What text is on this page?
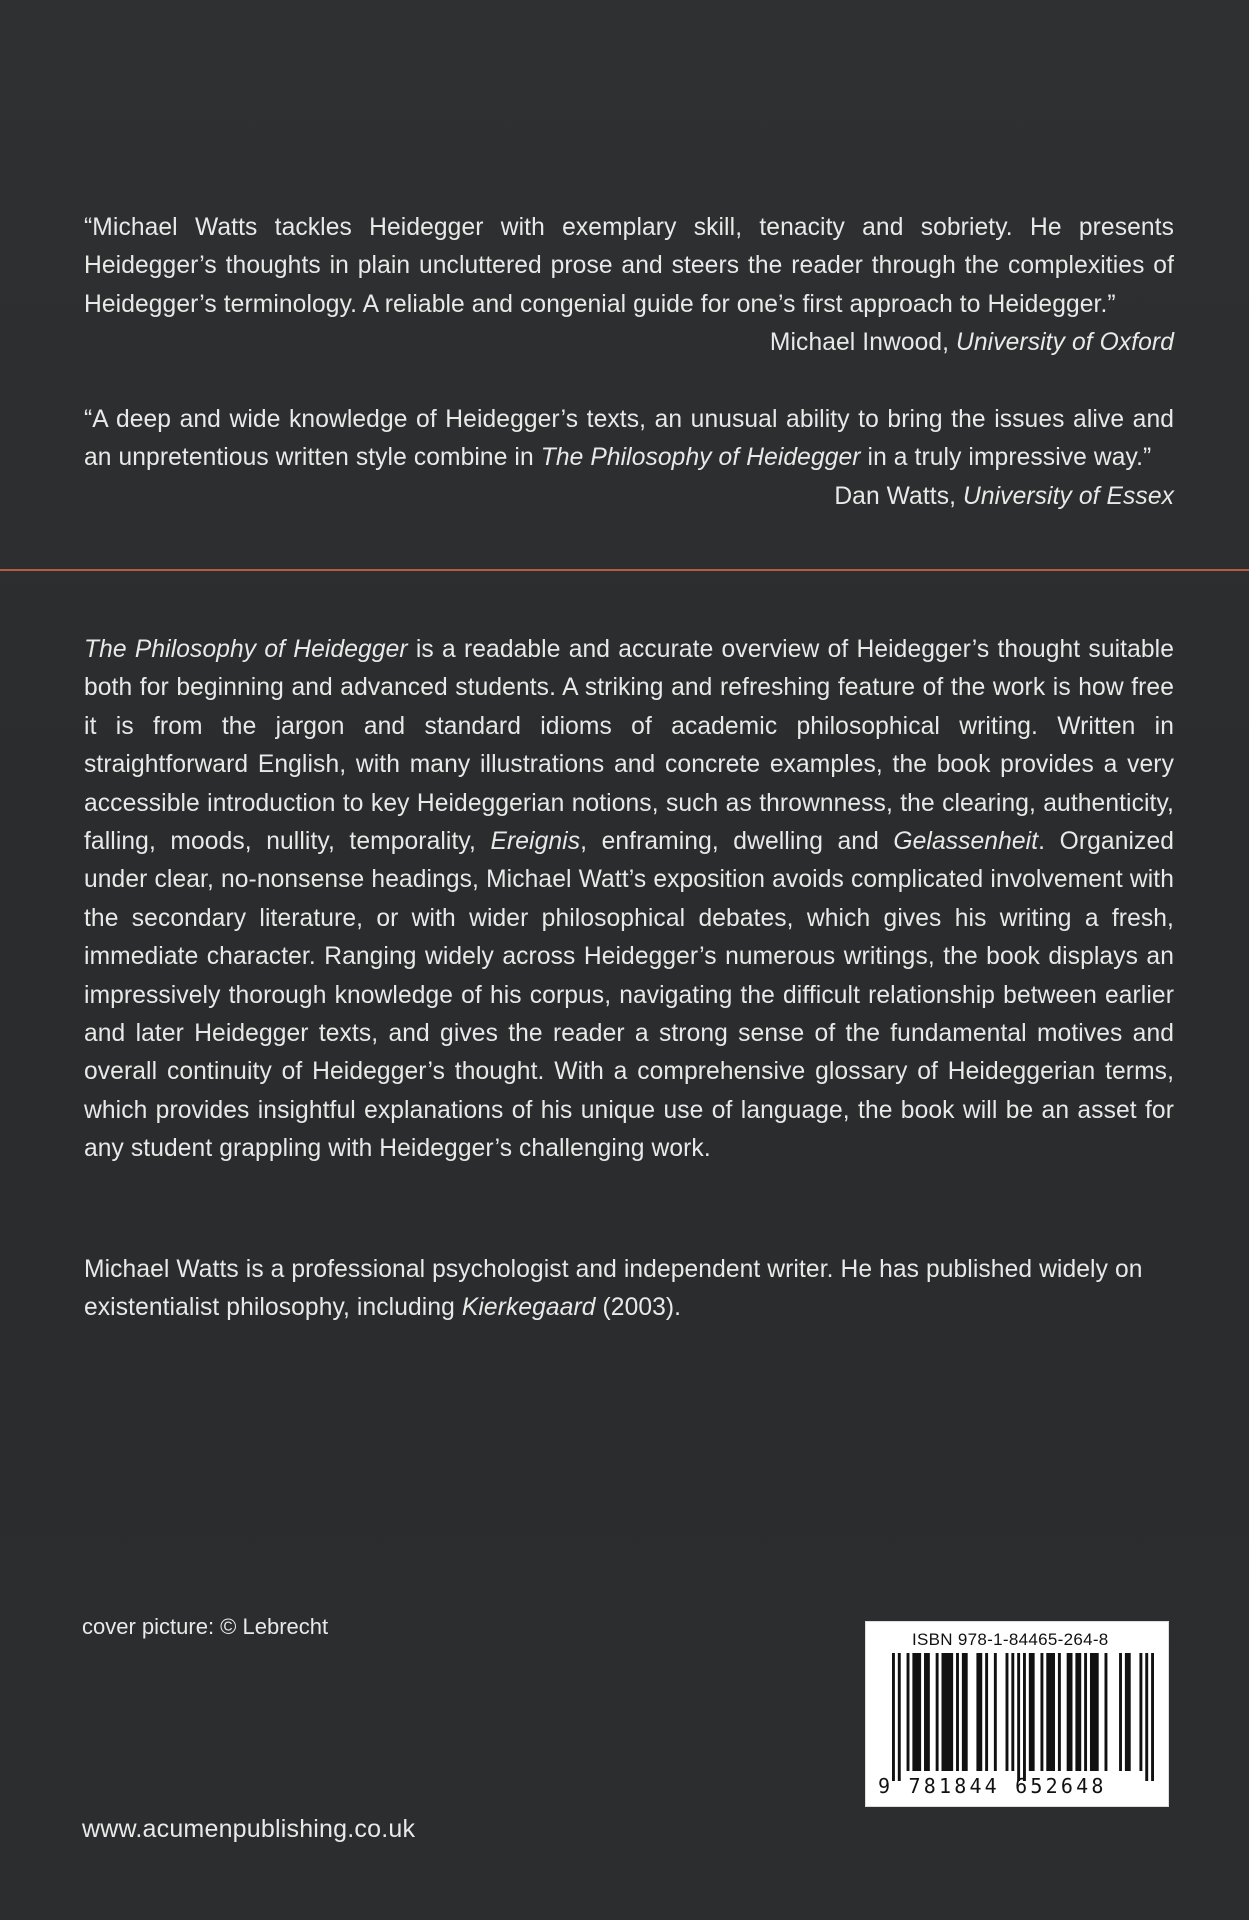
“Michael Watts tackles Heidegger with exemplary skill, tenacity and sobriety. He presents Heidegger’s thoughts in plain uncluttered prose and steers the reader through the complexities of Heidegger’s terminology. A reliable and congenial guide for one’s first approach to Heidegger.”
Michael Inwood, University of Oxford
“A deep and wide knowledge of Heidegger’s texts, an unusual ability to bring the issues alive and an unpretentious written style combine in The Philosophy of Heidegger in a truly impressive way.”
Dan Watts, University of Essex
The Philosophy of Heidegger is a readable and accurate overview of Heidegger’s thought suitable both for beginning and advanced students. A striking and refreshing feature of the work is how free it is from the jargon and standard idioms of academic philosophical writing. Written in straightforward English, with many illustrations and concrete examples, the book provides a very accessible introduction to key Heideggerian notions, such as thrownness, the clearing, authenticity, falling, moods, nullity, temporality, Ereignis, enframing, dwelling and Gelassenheit. Organized under clear, no-nonsense headings, Michael Watt’s exposition avoids complicated involvement with the secondary literature, or with wider philosophical debates, which gives his writing a fresh, immediate character. Ranging widely across Heidegger’s numerous writings, the book displays an impressively thorough knowledge of his corpus, navigating the difficult relationship between earlier and later Heidegger texts, and gives the reader a strong sense of the fundamental motives and overall continuity of Heidegger’s thought. With a comprehensive glossary of Heideggerian terms, which provides insightful explanations of his unique use of language, the book will be an asset for any student grappling with Heidegger’s challenging work.
Michael Watts is a professional psychologist and independent writer. He has published widely on existentialist philosophy, including Kierkegaard (2003).
cover picture: © Lebrecht
www.acumenpublishing.co.uk
ISBN 978-1-84465-264-8
9 781844 652648
